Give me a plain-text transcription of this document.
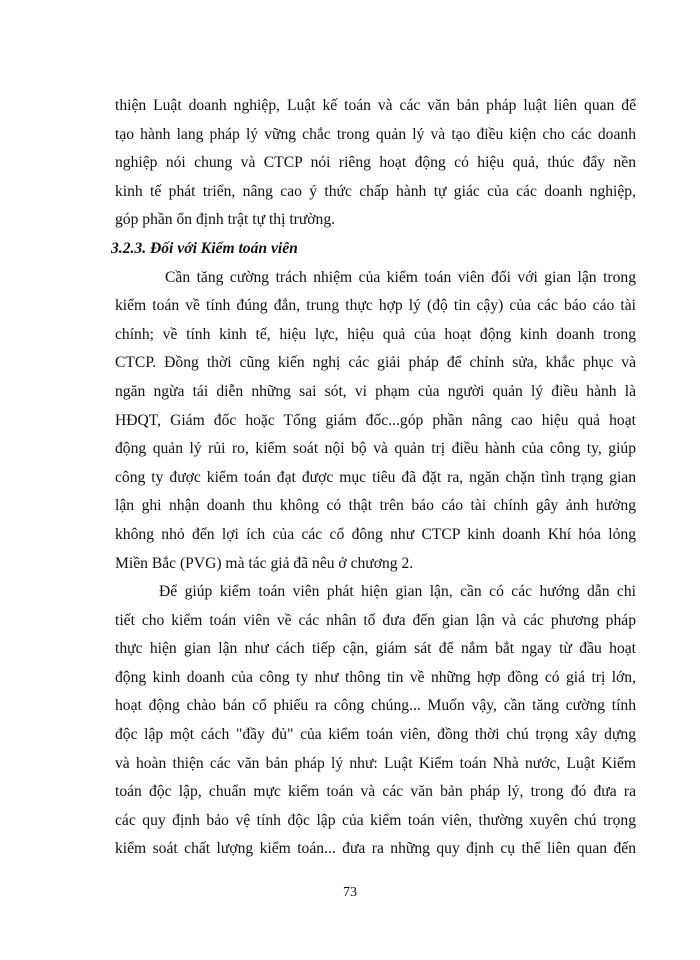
thiện Luật doanh nghiệp, Luật kế toán và các văn bản pháp luật liên quan để
tạo hành lang pháp lý vững chắc trong quản lý và tạo điều kiện cho các doanh
nghiệp nói chung và CTCP nói riêng hoạt động có hiệu quả, thúc đẩy nền
kinh tế phát triển, nâng cao ý thức chấp hành tự giác của các doanh nghiệp,
góp phần ổn định trật tự thị trường.
3.2.3. Đối với Kiểm toán viên
Cần tăng cường trách nhiệm của kiểm toán viên đối với gian lận trong
kiểm toán về tính đúng đắn, trung thực hợp lý (độ tin cậy) của các báo cáo tài
chính; về tính kinh tế, hiệu lực, hiệu quả của hoạt động kinh doanh trong
CTCP. Đồng thời cũng kiến nghị các giải pháp để chỉnh sửa, khắc phục và
ngăn ngừa tái diễn những sai sót, vi phạm của người quản lý điều hành là
HĐQT, Giám đốc hoặc Tổng giám đốc...góp phần nâng cao hiệu quả hoạt
động quản lý rủi ro, kiểm soát nội bộ và quản trị điều hành của công ty, giúp
công ty được kiểm toán đạt được mục tiêu đã đặt ra, ngăn chặn tình trạng gian
lận ghi nhận doanh thu không có thật trên báo cáo tài chính gây ảnh hưởng
không nhỏ đến lợi ích của các cổ đông như CTCP kinh doanh Khí hóa lỏng
Miền Bắc (PVG) mà tác giả đã nêu ở chương 2.
Để giúp kiểm toán viên phát hiện gian lận, cần có các hướng dẫn chi
tiết cho kiểm toán viên về các nhân tố đưa đến gian lận và các phương pháp
thực hiện gian lận như cách tiếp cận, giám sát để nắm bắt ngay từ đầu hoạt
động kinh doanh của công ty như thông tin về những hợp đồng có giá trị lớn,
hoạt động chào bán cổ phiếu ra công chúng... Muốn vậy, cần tăng cường tính
độc lập một cách "đầy đủ" của kiểm toán viên, đồng thời chú trọng xây dựng
và hoàn thiện các văn bản pháp lý như: Luật Kiểm toán Nhà nước, Luật Kiểm
toán độc lập, chuẩn mực kiểm toán và các văn bản pháp lý, trong đó đưa ra
các quy định bảo vệ tính độc lập của kiểm toán viên, thường xuyên chú trọng
kiểm soát chất lượng kiểm toán... đưa ra những quy định cụ thể liên quan đến
73
